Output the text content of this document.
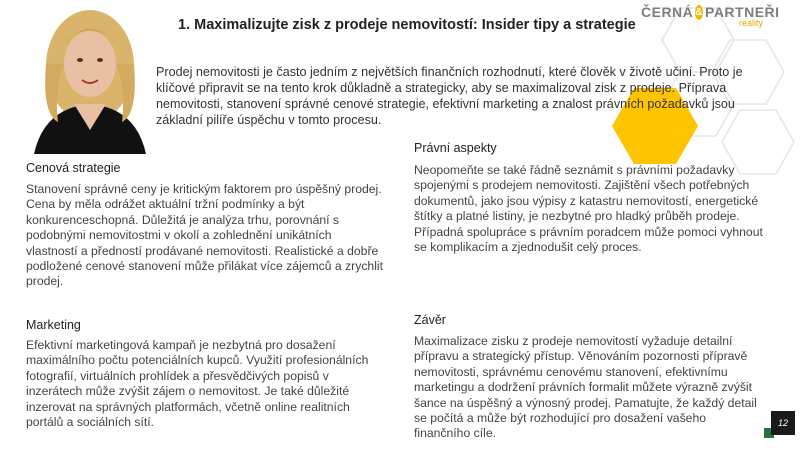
1. Maximalizujte zisk z prodeje nemovitostí: Insider tipy a strategie
ČERNÁ & PARTNEŘI
reality
Prodej nemovitosti je často jedním z největších finančních rozhodnutí, které člověk v životě učiní. Proto je klíčové připravit se na tento krok důkladně a strategicky, aby se maximalizoval zisk z prodeje. Příprava nemovitosti, stanovení správné cenové strategie, efektivní marketing a znalost právních požadavků jsou základní pilíře úspěchu v tomto procesu.
Cenová strategie
Stanovení správné ceny je kritickým faktorem pro úspěšný prodej. Cena by měla odrážet aktuální tržní podmínky a být konkurenceschopná. Důležitá je analýza trhu, porovnání s podobnými nemovitostmi v okolí a zohlednění unikátních vlastností a předností prodávané nemovitosti. Realistické a dobře podložené cenové stanovení může přilákat více zájemců a zrychlit prodej.
Právní aspekty
Neopomeňte se také řádně seznámit s právními požadavky spojenými s prodejem nemovitosti. Zajištění všech potřebných dokumentů, jako jsou výpisy z katastru nemovitostí, energetické štítky a platné listiny, je nezbytné pro hladký průběh prodeje. Případná spolupráce s právním poradcem může pomoci vyhnout se komplikacím a zjednodušit celý proces.
Marketing
Efektivní marketingová kampaň je nezbytná pro dosažení maximálního počtu potenciálních kupců. Využití profesionálních fotografií, virtuálních prohlídek a přesvědčivých popisů v inzerátech může zvýšit zájem o nemovitost. Je také důležité inzerovat na správných platformách, včetně online realitních portálů a sociálních sítí.
Závěr
Maximalizace zisku z prodeje nemovitostí vyžaduje detailní přípravu a strategický přístup. Věnováním pozornosti přípravě nemovitosti, správnému cenovému stanovení, efektivnímu marketingu a dodržení právních formalit můžete výrazně zvýšit šance na úspěšný a výnosný prodej. Pamatujte, že každý detail se počítá a může být rozhodující pro dosažení vašeho finančního cíle.
12
